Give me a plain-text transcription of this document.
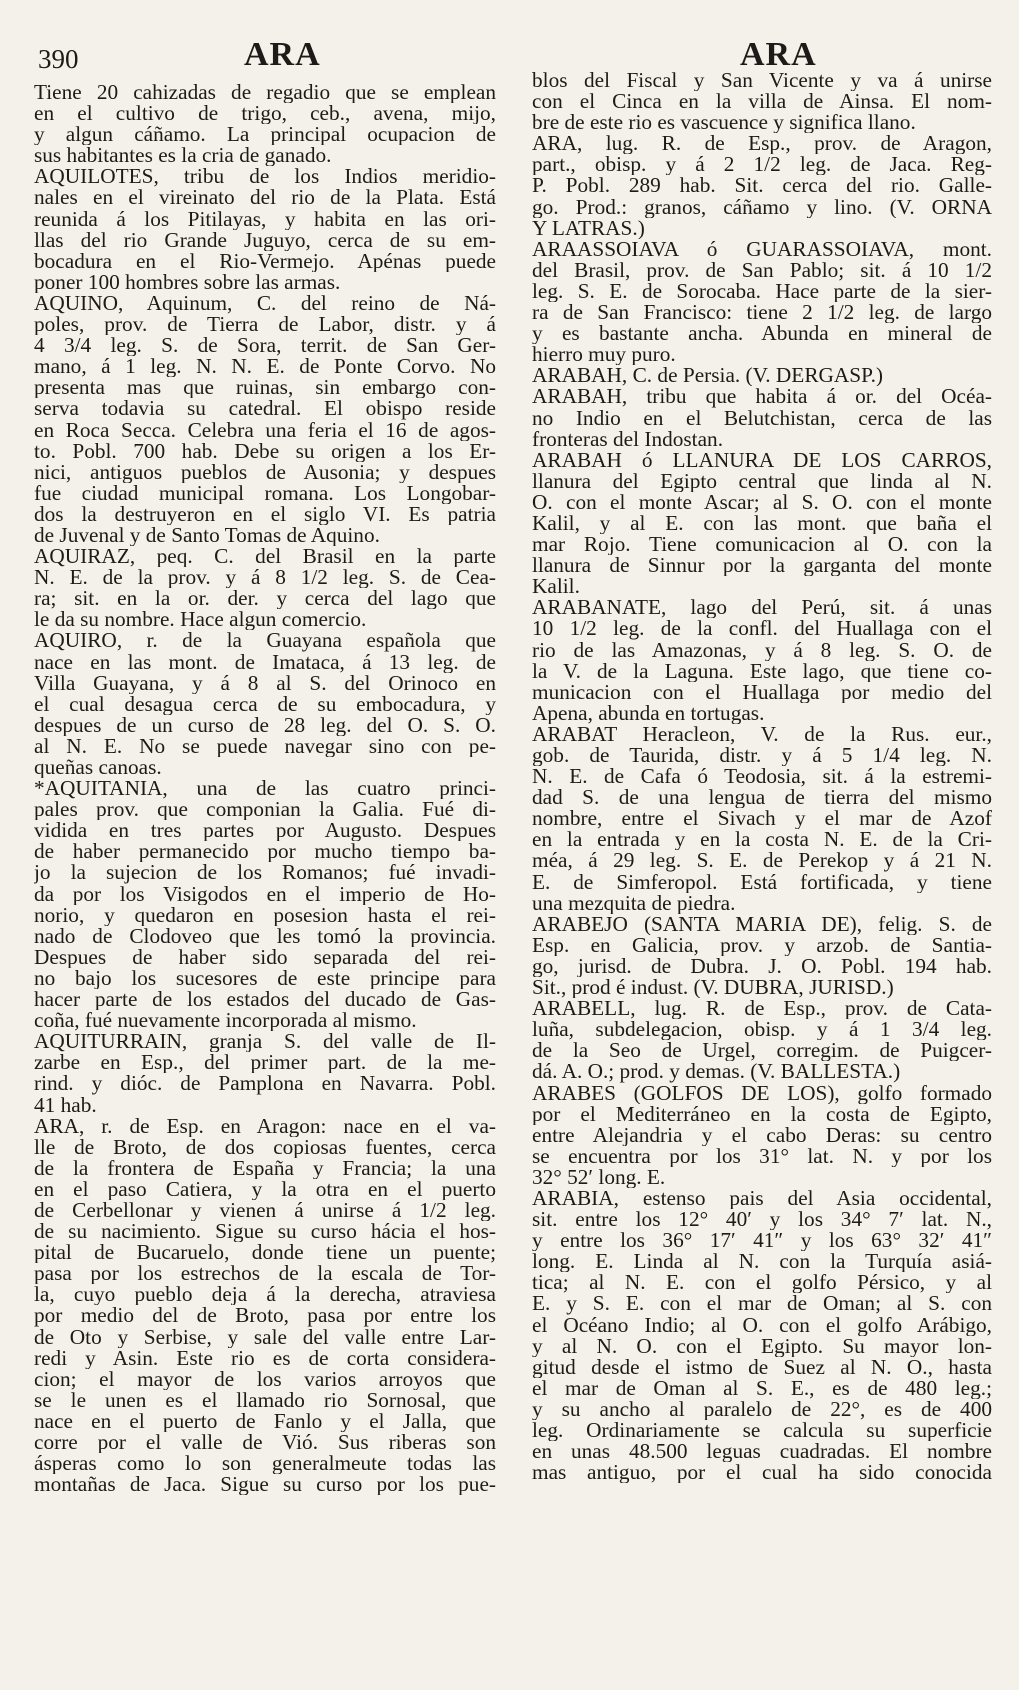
390	ARA	ARA
Tiene 20 cahizadas de regadio que se emplean
en el cultivo de trigo, ceb., avena, mijo,
y algun cáñamo. La principal ocupacion de
sus habitantes es la cria de ganado.
AQUILOTES, tribu de los Indios meridio-
nales en el vireinato del rio de la Plata. Está
reunida á los Pitilayas, y habita en las ori-
llas del rio Grande Juguyo, cerca de su em-
bocadura en el Rio-Vermejo. Apénas puede
poner 100 hombres sobre las armas.
AQUINO, Aquinum, C. del reino de Ná-
poles, prov. de Tierra de Labor, distr. y á
4 3/4 leg. S. de Sora, territ. de San Ger-
mano, á 1 leg. N. N. E. de Ponte Corvo. No
presenta mas que ruinas, sin embargo con-
serva todavia su catedral. El obispo reside
en Roca Secca. Celebra una feria el 16 de agos-
to. Pobl. 700 hab. Debe su origen a los Er-
nici, antiguos pueblos de Ausonia; y despues
fue ciudad municipal romana. Los Longobar-
dos la destruyeron en el siglo VI. Es patria
de Juvenal y de Santo Tomas de Aquino.
AQUIRAZ, peq. C. del Brasil en la parte
N. E. de la prov. y á 8 1/2 leg. S. de Cea-
ra; sit. en la or. der. y cerca del lago que
le da su nombre. Hace algun comercio.
AQUIRO, r. de la Guayana española que
nace en las mont. de Imataca, á 13 leg. de
Villa Guayana, y á 8 al S. del Orinoco en
el cual desagua cerca de su embocadura, y
despues de un curso de 28 leg. del O. S. O.
al N. E. No se puede navegar sino con pe-
queñas canoas.
*AQUITANIA, una de las cuatro princi-
pales prov. que componian la Galia. Fué di-
vidida en tres partes por Augusto. Despues
de haber permanecido por mucho tiempo ba-
jo la sujecion de los Romanos; fué invadi-
da por los Visigodos en el imperio de Ho-
norio, y quedaron en posesion hasta el rei-
nado de Clodoveo que les tomó la provincia.
Despues de haber sido separada del rei-
no bajo los sucesores de este principe para
hacer parte de los estados del ducado de Gas-
coña, fué nuevamente incorporada al mismo.
AQUITURRAIN, granja S. del valle de Il-
zarbe en Esp., del primer part. de la me-
rind. y dióc. de Pamplona en Navarra. Pobl.
41 hab.
ARA, r. de Esp. en Aragon: nace en el va-
lle de Broto, de dos copiosas fuentes, cerca
de la frontera de España y Francia; la una
en el paso Catiera, y la otra en el puerto
de Cerbellonar y vienen á unirse á 1/2 leg.
de su nacimiento. Sigue su curso hácia el hos-
pital de Bucaruelo, donde tiene un puente;
pasa por los estrechos de la escala de Tor-
la, cuyo pueblo deja á la derecha, atraviesa
por medio del de Broto, pasa por entre los
de Oto y Serbise, y sale del valle entre Lar-
redi y Asin. Este rio es de corta considera-
cion; el mayor de los varios arroyos que
se le unen es el llamado rio Sornosal, que
nace en el puerto de Fanlo y el Jalla, que
corre por el valle de Vió. Sus riberas son
ásperas como lo son generalmeute todas las
montañas de Jaca. Sigue su curso por los pue-
blos del Fiscal y San Vicente y va á unirse
con el Cinca en la villa de Ainsa. El nom-
bre de este rio es vascuence y significa llano.
ARA, lug. R. de Esp., prov. de Aragon,
part., obisp. y á 2 1/2 leg. de Jaca. Reg-
P. Pobl. 289 hab. Sit. cerca del rio. Galle-
go. Prod.: granos, cáñamo y lino. (V. ORNA
Y LATRAS.)
ARAASSOIAVA ó GUARASSOIAVA, mont.
del Brasil, prov. de San Pablo; sit. á 10 1/2
leg. S. E. de Sorocaba. Hace parte de la sier-
ra de San Francisco: tiene 2 1/2 leg. de largo
y es bastante ancha. Abunda en mineral de
hierro muy puro.
ARABAH, C. de Persia. (V. DERGASP.)
ARABAH, tribu que habita á or. del Océa-
no Indio en el Belutchistan, cerca de las
fronteras del Indostan.
ARABAH ó LLANURA DE LOS CARROS,
llanura del Egipto central que linda al N.
O. con el monte Ascar; al S. O. con el monte
Kalil, y al E. con las mont. que baña el
mar Rojo. Tiene comunicacion al O. con la
llanura de Sinnur por la garganta del monte
Kalil.
ARABANATE, lago del Perú, sit. á unas
10 1/2 leg. de la confl. del Huallaga con el
rio de las Amazonas, y á 8 leg. S. O. de
la V. de la Laguna. Este lago, que tiene co-
municacion con el Huallaga por medio del
Apena, abunda en tortugas.
ARABAT Heracleon, V. de la Rus. eur.,
gob. de Taurida, distr. y á 5 1/4 leg. N.
N. E. de Cafa ó Teodosia, sit. á la estremi-
dad S. de una lengua de tierra del mismo
nombre, entre el Sivach y el mar de Azof
en la entrada y en la costa N. E. de la Cri-
méa, á 29 leg. S. E. de Perekop y á 21 N.
E. de Simferopol. Está fortificada, y tiene
una mezquita de piedra.
ARABEJO (SANTA MARIA DE), felig. S. de
Esp. en Galicia, prov. y arzob. de Santia-
go, jurisd. de Dubra. J. O. Pobl. 194 hab.
Sit., prod é indust. (V. DUBRA, JURISD.)
ARABELL, lug. R. de Esp., prov. de Cata-
luña, subdelegacion, obisp. y á 1 3/4 leg.
de la Seo de Urgel, corregim. de Puigcer-
dá. A. O.; prod. y demas. (V. BALLESTA.)
ARABES (GOLFOS DE LOS), golfo formado
por el Mediterráneo en la costa de Egipto,
entre Alejandria y el cabo Deras: su centro
se encuentra por los 31° lat. N. y por los
32° 52′ long. E.
ARABIA, estenso pais del Asia occidental,
sit. entre los 12° 40′ y los 34° 7′ lat. N.,
y entre los 36° 17′ 41″ y los 63° 32′ 41″
long. E. Linda al N. con la Turquía asiá-
tica; al N. E. con el golfo Pérsico, y al
E. y S. E. con el mar de Oman; al S. con
el Océano Indio; al O. con el golfo Arábigo,
y al N. O. con el Egipto. Su mayor lon-
gitud desde el istmo de Suez al N. O., hasta
el mar de Oman al S. E., es de 480 leg.;
y su ancho al paralelo de 22°, es de 400
leg. Ordinariamente se calcula su superficie
en unas 48.500 leguas cuadradas. El nombre
mas antiguo, por el cual ha sido conocida
